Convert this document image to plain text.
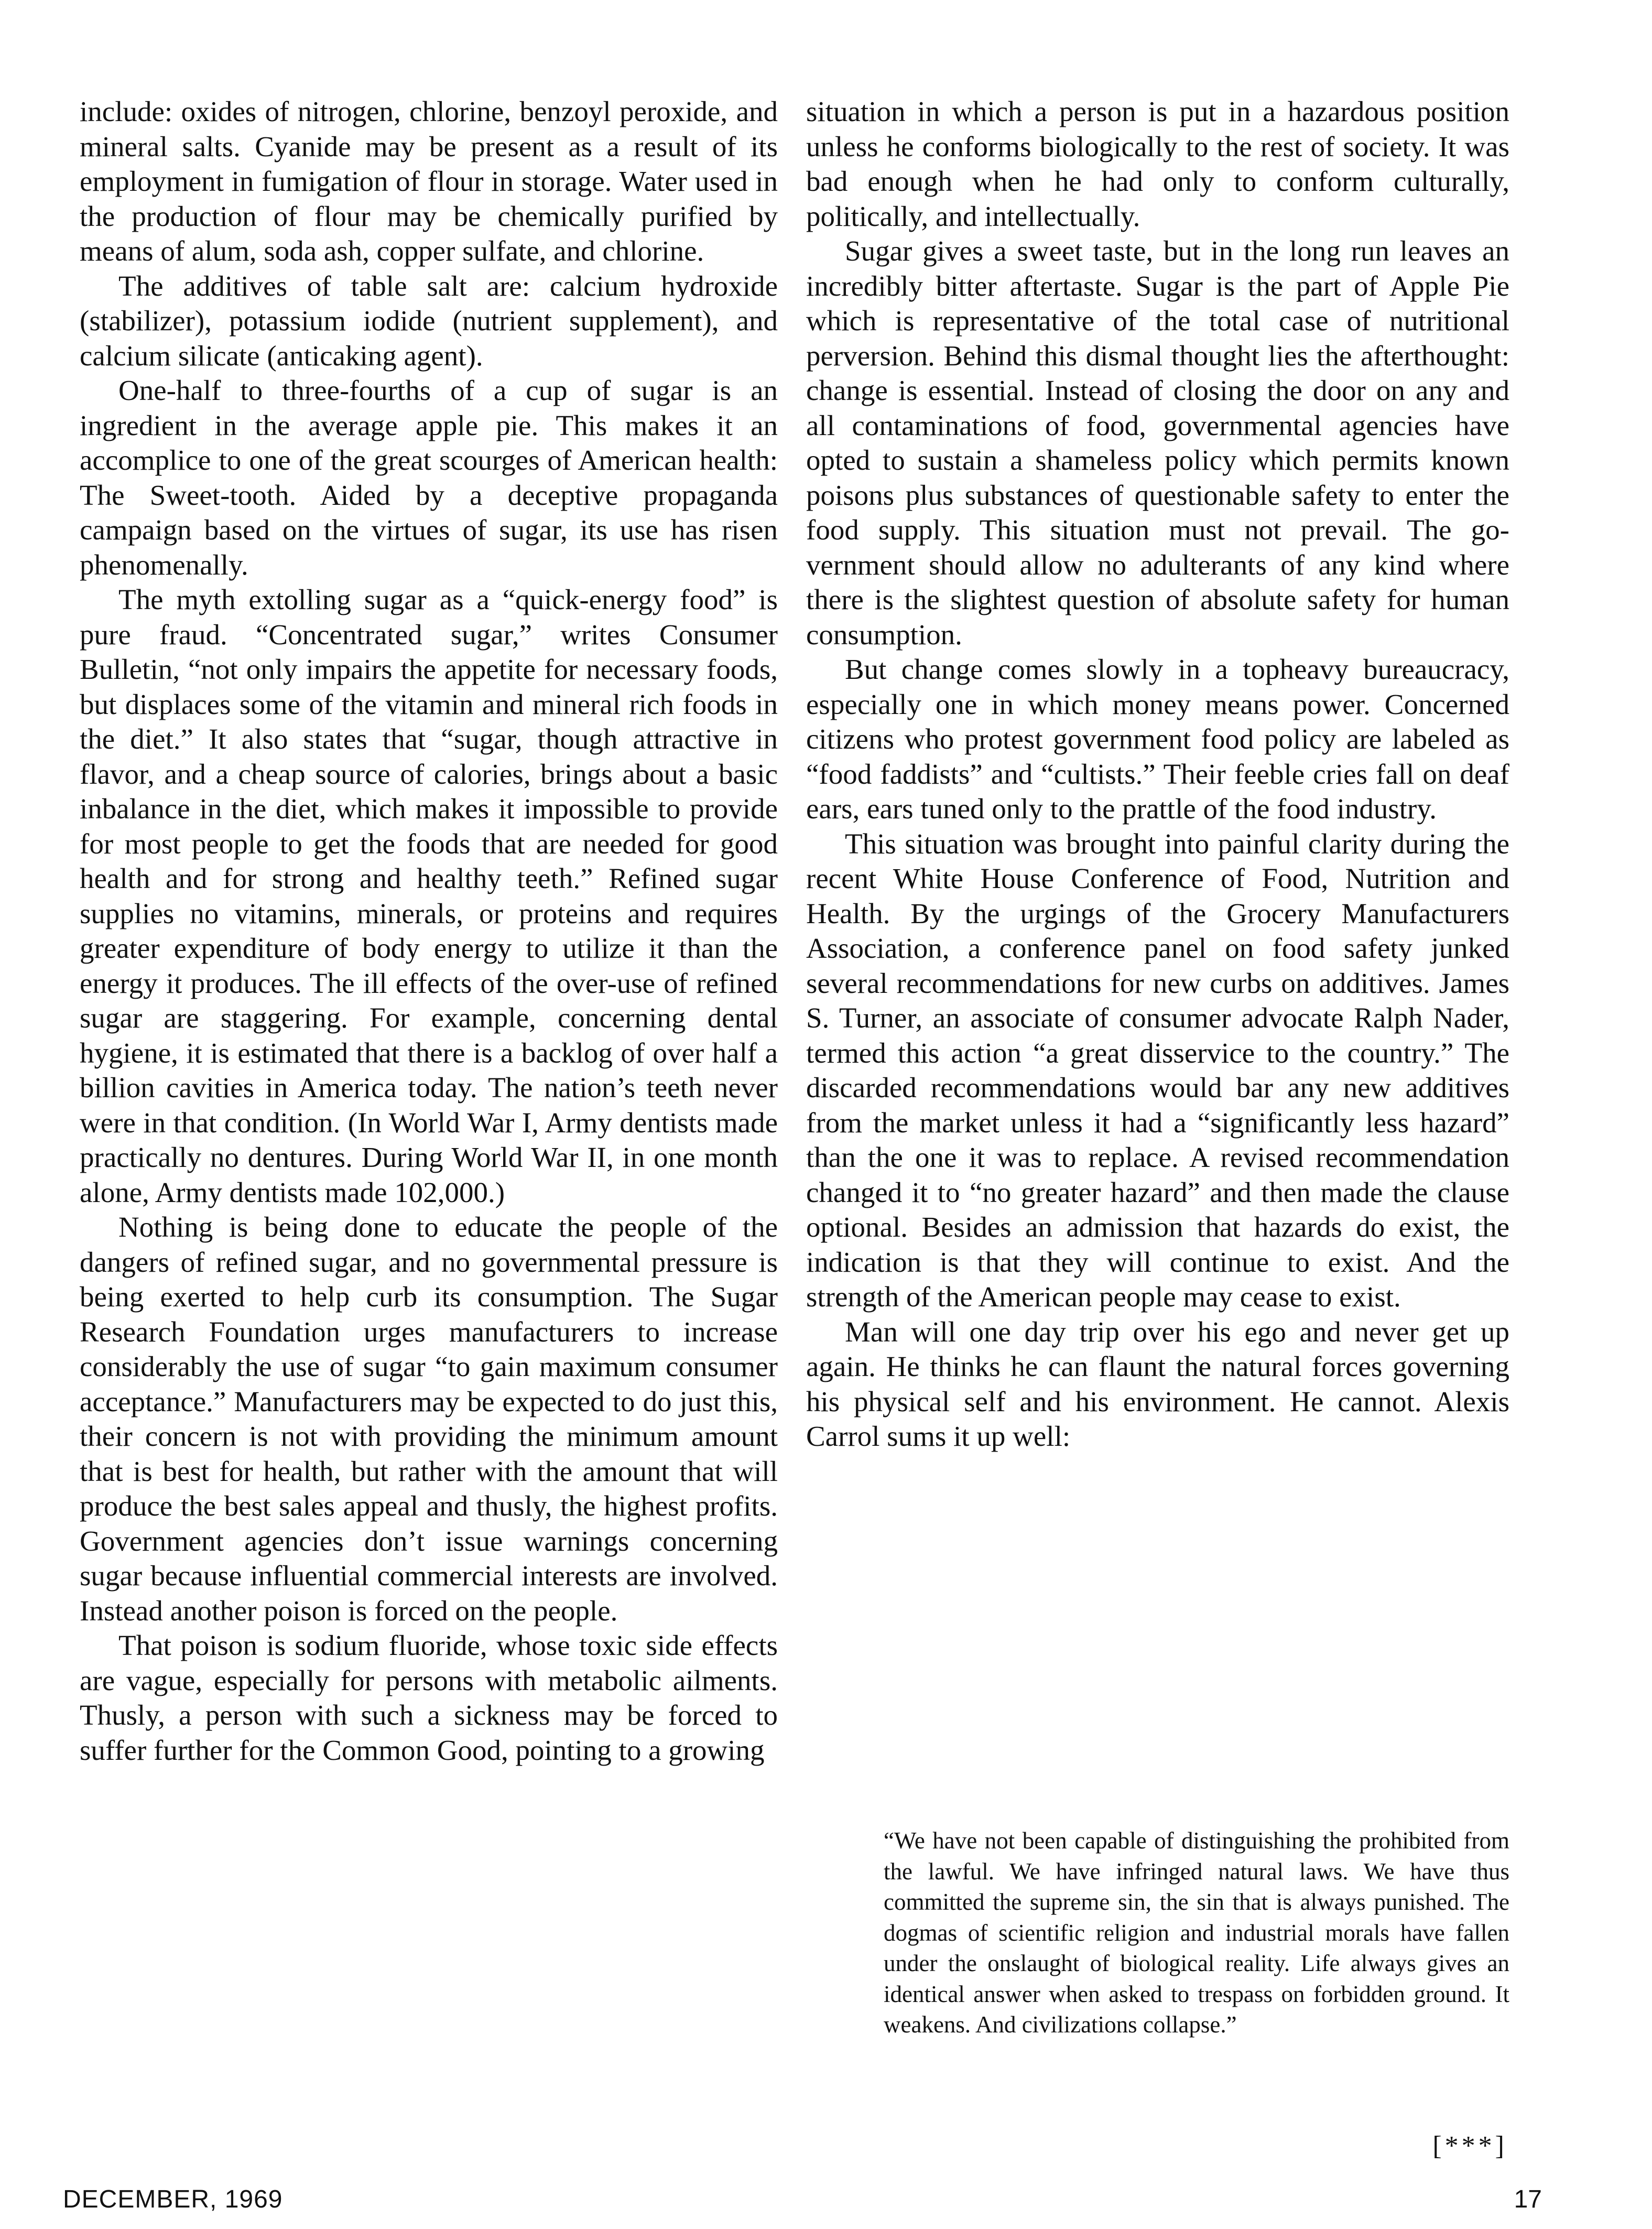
include: oxides of nitrogen, chlorine, benzoyl peroxide, and mineral salts. Cyanide may be present as a result of its employment in fumigation of flour in storage. Water used in the production of flour may be chemically purified by means of alum, soda ash, copper sulfate, and chlorine.

The additives of table salt are: calcium hydroxide (stabilizer), potassium iodide (nutrient supplement), and calcium silicate (anticaking agent).

One-half to three-fourths of a cup of sugar is an ingredient in the average apple pie. This makes it an accomplice to one of the great scourges of American health: The Sweet-tooth. Aided by a deceptive propaganda campaign based on the virtues of sugar, its use has risen phenomenally.

The myth extolling sugar as a “quick-energy food” is pure fraud. “Concentrated sugar,” writes Consumer Bulletin, “not only impairs the appetite for necessary foods, but displaces some of the vitamin and mineral rich foods in the diet.” It also states that “sugar, though attractive in flavor, and a cheap source of calories, brings about a basic inbalance in the diet, which makes it impossible to provide for most people to get the foods that are needed for good health and for strong and healthy teeth.” Refined sugar supplies no vitamins, minerals, or proteins and requires greater expenditure of body energy to utilize it than the energy it produces. The ill effects of the over-use of refined sugar are staggering. For example, concerning dental hygiene, it is estimated that there is a backlog of over half a billion cavities in America today. The nation’s teeth never were in that condition. (In World War I, Army dentists made practically no dentures. During World War II, in one month alone, Army dentists made 102,000.)

Nothing is being done to educate the people of the dangers of refined sugar, and no governmental pressure is being exerted to help curb its consumption. The Sugar Research Foundation urges manufacturers to increase considerably the use of sugar “to gain maximum consumer acceptance.” Manufacturers may be expected to do just this, their concern is not with providing the minimum amount that is best for health, but rather with the amount that will produce the best sales appeal and thusly, the highest profits. Government agencies don’t issue warnings concerning sugar because influential commercial interests are involved. Instead another poison is forced on the people.

That poison is sodium fluoride, whose toxic side effects are vague, especially for persons with metabolic ailments. Thusly, a person with such a sickness may be forced to suffer further for the Common Good, pointing to a growing

situation in which a person is put in a hazardous position unless he conforms biologically to the rest of society. It was bad enough when he had only to conform culturally, politically, and intellectually.

Sugar gives a sweet taste, but in the long run leaves an incredibly bitter aftertaste. Sugar is the part of Apple Pie which is representative of the total case of nutritional perversion. Behind this dismal thought lies the afterthought: change is essential. Instead of closing the door on any and all contaminations of food, governmental agencies have opted to sustain a shameless policy which permits known poisons plus substances of questionable safety to enter the food supply. This situation must not prevail. The government should allow no adulterants of any kind where there is the slightest question of absolute safety for human consumption.

But change comes slowly in a topheavy bureaucracy, especially one in which money means power. Concerned citizens who protest government food policy are labeled as “food faddists” and “cultists.” Their feeble cries fall on deaf ears, ears tuned only to the prattle of the food industry.

This situation was brought into painful clarity during the recent White House Conference of Food, Nutrition and Health. By the urgings of the Grocery Manufacturers Association, a conference panel on food safety junked several recommendations for new curbs on additives. James S. Turner, an associate of consumer advocate Ralph Nader, termed this action “a great disservice to the country.” The discarded recommendations would bar any new additives from the market unless it had a “significantly less hazard” than the one it was to replace. A revised recommendation changed it to “no greater hazard” and then made the clause optional. Besides an admission that hazards do exist, the indication is that they will continue to exist. And the strength of the American people may cease to exist.

Man will one day trip over his ego and never get up again. He thinks he can flaunt the natural forces governing his physical self and his environment. He cannot. Alexis Carrol sums it up well:

“We have not been capable of distinguishing the prohibited from the lawful. We have infringed natural laws. We have thus committed the supreme sin, the sin that is always punished. The dogmas of scientific religion and industrial morals have fallen under the onslaught of biological reality. Life always gives an identical answer when asked to trespass on forbidden ground. It weakens. And civilizations collapse.”

[***]
DECEMBER, 1969	17
